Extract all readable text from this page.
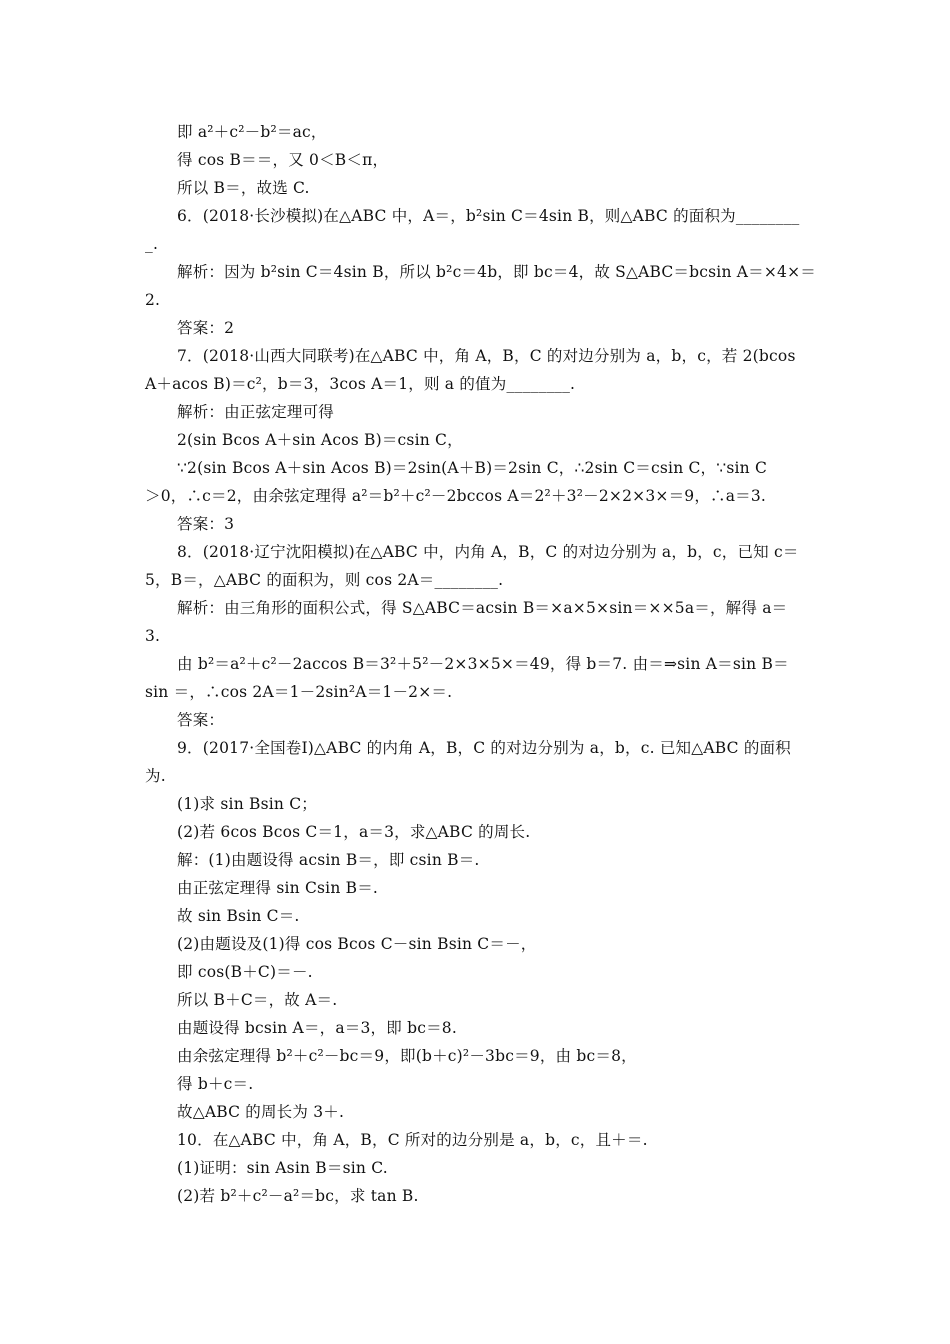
即 a²＋c²－b²＝ac，
得 cos B＝＝，又 0＜B＜π，
所以 B＝，故选 C.
6．(2018·长沙模拟)在△ABC 中，A＝，b²sin C＝4sin B，则△ABC 的面积为________
_.
解析：因为 b²sin C＝4sin B，所以 b²c＝4b，即 bc＝4，故 S△ABC＝bcsin A＝×4×＝
2.
答案：2
7．(2018·山西大同联考)在△ABC 中，角 A，B，C 的对边分别为 a，b，c，若 2(bcos
A＋acos B)＝c²，b＝3，3cos A＝1，则 a 的值为________.
解析：由正弦定理可得
2(sin Bcos A＋sin Acos B)＝csin C，
∵2(sin Bcos A＋sin Acos B)＝2sin(A＋B)＝2sin C，∴2sin C＝csin C，∵sin C
＞0，∴c＝2，由余弦定理得 a²＝b²＋c²－2bccos A＝2²＋3²－2×2×3×＝9，∴a＝3.
答案：3
8．(2018·辽宁沈阳模拟)在△ABC 中，内角 A，B，C 的对边分别为 a，b，c，已知 c＝
5，B＝，△ABC 的面积为，则 cos 2A＝________.
解析：由三角形的面积公式，得 S△ABC＝acsin B＝×a×5×sin＝××5a＝，解得 a＝
3.
由 b²＝a²＋c²－2accos B＝3²＋5²－2×3×5×＝49，得 b＝7. 由＝⇒sin A＝sin B＝
sin ＝，∴cos 2A＝1－2sin²A＝1－2×＝.
答案：
9．(2017·全国卷Ⅰ)△ABC 的内角 A，B，C 的对边分别为 a，b，c. 已知△ABC 的面积
为.
(1)求 sin Bsin C；
(2)若 6cos Bcos C＝1，a＝3，求△ABC 的周长.
解：(1)由题设得 acsin B＝，即 csin B＝.
由正弦定理得 sin Csin B＝.
故 sin Bsin C＝.
(2)由题设及(1)得 cos Bcos C－sin Bsin C＝－，
即 cos(B＋C)＝－.
所以 B＋C＝，故 A＝.
由题设得 bcsin A＝，a＝3，即 bc＝8.
由余弦定理得 b²＋c²－bc＝9，即(b＋c)²－3bc＝9，由 bc＝8，
得 b＋c＝.
故△ABC 的周长为 3＋.
10．在△ABC 中，角 A，B，C 所对的边分别是 a，b，c，且＋＝.
(1)证明：sin Asin B＝sin C.
(2)若 b²＋c²－a²＝bc，求 tan B.
